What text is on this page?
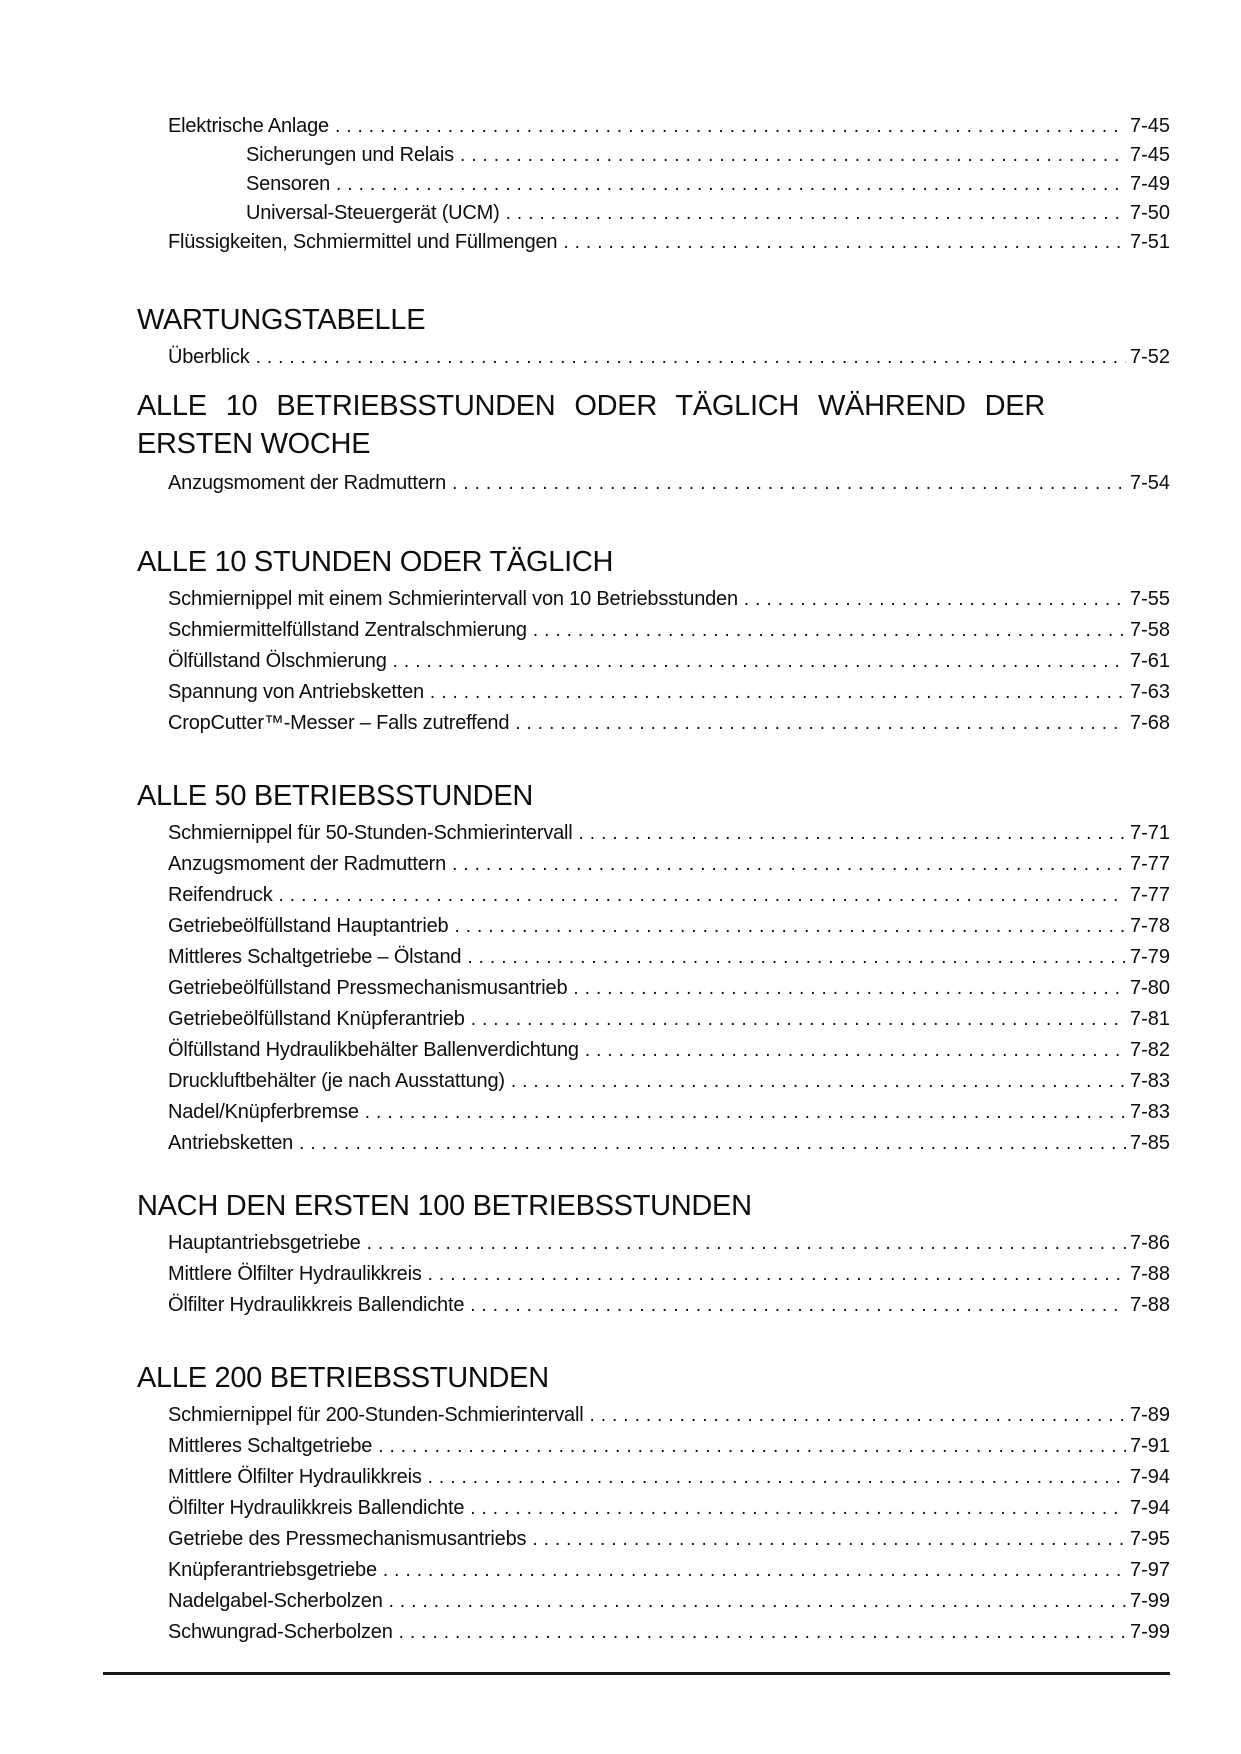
Elektrische Anlage .....	7-45
Sicherungen und Relais .....	7-45
Sensoren .....	7-49
Universal-Steuergerät (UCM) .....	7-50
Flüssigkeiten, Schmiermittel und Füllmengen .....	7-51
WARTUNGSTABELLE
Überblick .....	7-52
ALLE 10 BETRIEBSSTUNDEN ODER TÄGLICH WÄHREND DER ERSTEN WOCHE
Anzugsmoment der Radmuttern .....	7-54
ALLE 10 STUNDEN ODER TÄGLICH
Schmiernippel mit einem Schmierintervall von 10 Betriebsstunden .....	7-55
Schmiermittelfüllstand Zentralschmierung .....	7-58
Ölfüllstand Ölschmierung .....	7-61
Spannung von Antriebsketten .....	7-63
CropCutter™-Messer – Falls zutreffend .....	7-68
ALLE 50 BETRIEBSSTUNDEN
Schmiernippel für 50-Stunden-Schmierintervall .....	7-71
Anzugsmoment der Radmuttern .....	7-77
Reifendruck .....	7-77
Getriebeölfüllstand Hauptantrieb .....	7-78
Mittleres Schaltgetriebe – Ölstand .....	7-79
Getriebeölfüllstand Pressmechanismusantrieb .....	7-80
Getriebeölfüllstand Knüpferantrieb .....	7-81
Ölfüllstand Hydraulikbehälter Ballenverdichtung .....	7-82
Druckluftbehälter (je nach Ausstattung) .....	7-83
Nadel/Knüpferbremse .....	7-83
Antriebsketten .....	7-85
NACH DEN ERSTEN 100 BETRIEBSSTUNDEN
Hauptantriebsgetriebe .....	7-86
Mittlere Ölfilter Hydraulikkreis .....	7-88
Ölfilter Hydraulikkreis Ballendichte .....	7-88
ALLE 200 BETRIEBSSTUNDEN
Schmiernippel für 200-Stunden-Schmierintervall .....	7-89
Mittleres Schaltgetriebe .....	7-91
Mittlere Ölfilter Hydraulikkreis .....	7-94
Ölfilter Hydraulikkreis Ballendichte .....	7-94
Getriebe des Pressmechanismusantriebs .....	7-95
Knüpferantriebsgetriebe .....	7-97
Nadelgabel-Scherbolzen .....	7-99
Schwungrad-Scherbolzen .....	7-99
